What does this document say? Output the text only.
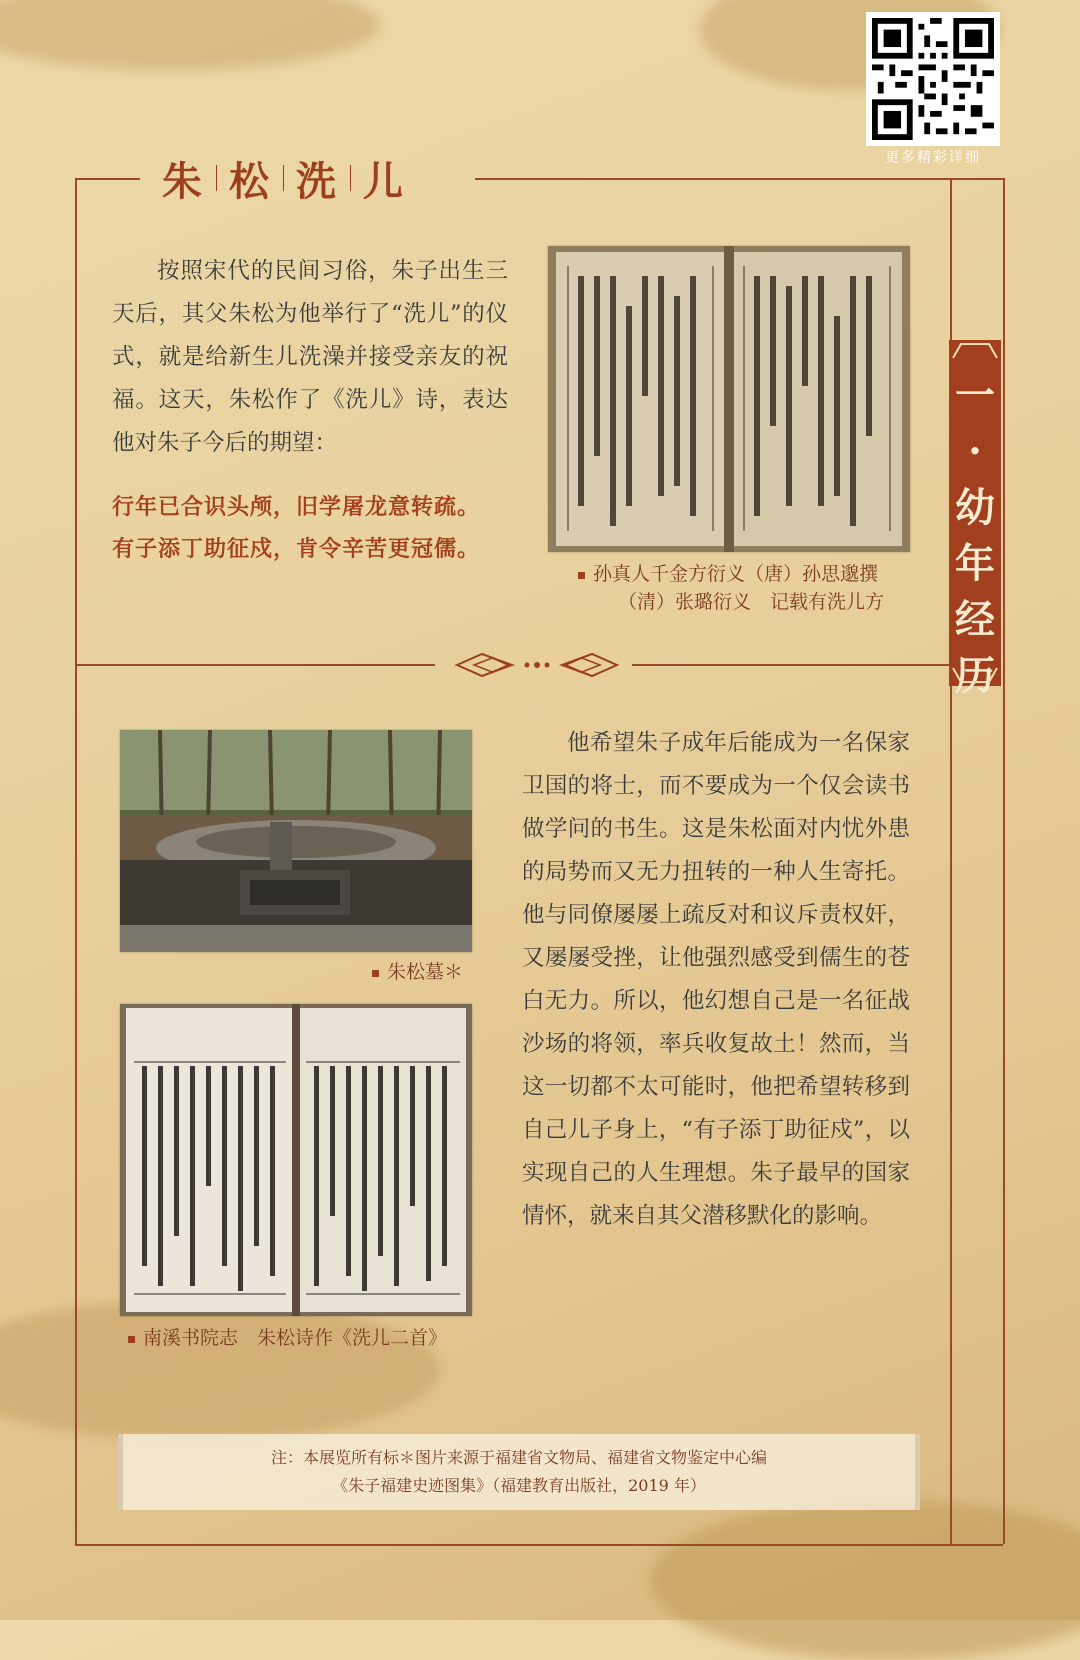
更多精彩详细
朱 松 洗 儿
一
·
幼
年
经
历

按照宋代的民间习俗，朱子出生三天后，其父朱松为他举行了“洗儿”的仪式，就是给新生儿洗澡并接受亲友的祝福。这天，朱松作了《洗儿》诗，表达他对朱子今后的期望：

行年已合识头颅，旧学屠龙意转疏。
有子添丁助征戍，肯令辛苦更冠儒。
孙真人千金方衍义（唐）孙思邈撰
（清）张璐衍义　记载有洗儿方
朱松墓＊
南溪书院志　朱松诗作《洗儿二首》

他希望朱子成年后能成为一名保家卫国的将士，而不要成为一个仅会读书做学问的书生。这是朱松面对内忧外患的局势而又无力扭转的一种人生寄托。他与同僚屡屡上疏反对和议斥责权奸，又屡屡受挫，让他强烈感受到儒生的苍白无力。所以，他幻想自己是一名征战沙场的将领，率兵收复故土！然而，当这一切都不太可能时，他把希望转移到自己儿子身上，“有子添丁助征戍”，以实现自己的人生理想。朱子最早的国家情怀，就来自其父潜移默化的影响。

注：本展览所有标＊图片来源于福建省文物局、福建省文物鉴定中心编
《朱子福建史迹图集》（福建教育出版社，2019 年）
